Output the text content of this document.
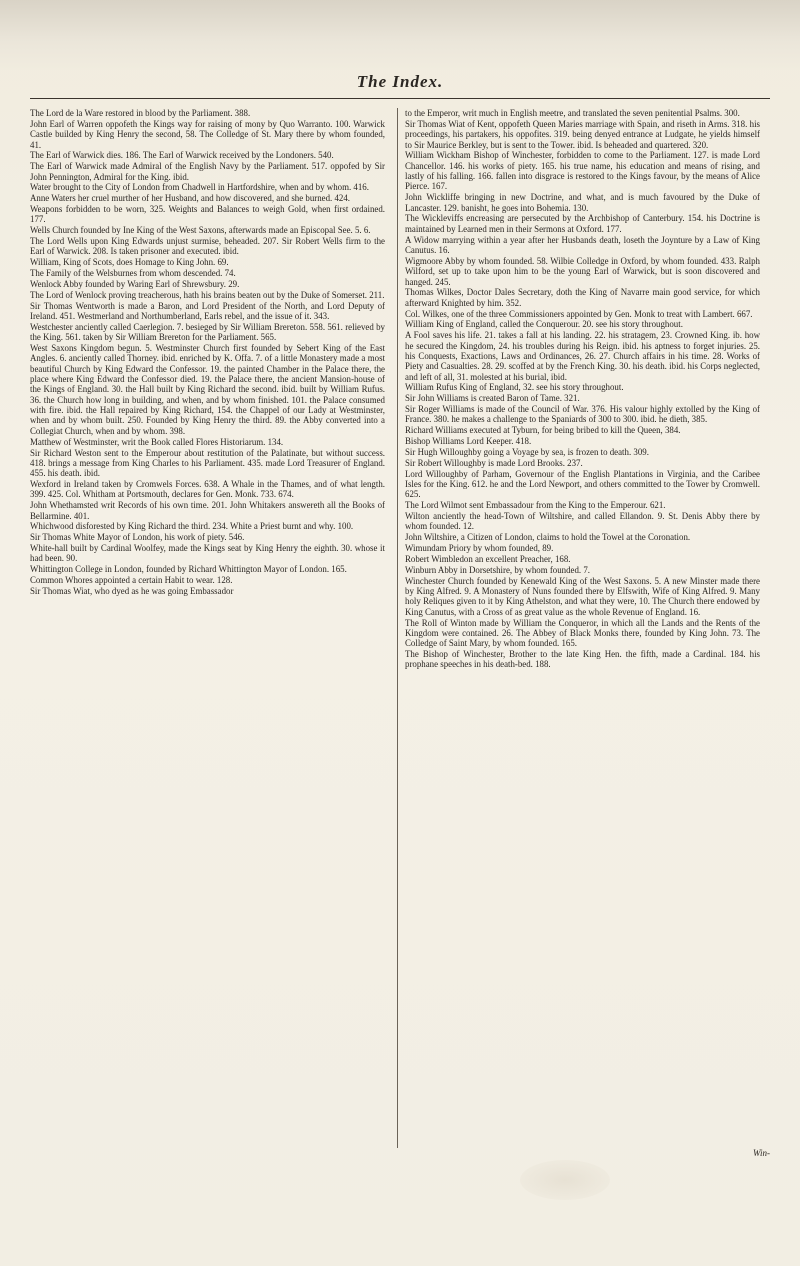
The Index.

The Lord de la Ware restored in blood by the Parliament. 388.

John Earl of Warren oppofeth the Kings way for raising of mony by Quo Warranto. 100. Warwick Castle builded by King Henry the second, 58. The Colledge of St. Mary there by whom founded, 41.

The Earl of Warwick dies. 186. The Earl of Warwick received by the Londoners. 540.

The Earl of Warwick made Admiral of the English Navy by the Parliament. 517. oppofed by Sir John Pennington, Admiral for the King. ibid.

Water brought to the City of London from Chadwell in Hartfordshire, when and by whom. 416.

Anne Waters her cruel murther of her Husband, and how discovered, and she burned. 424.

Weapons forbidden to be worn, 325. Weights and Balances to weigh Gold, when first ordained. 177.

Wells Church founded by Ine King of the West Saxons, afterwards made an Episcopal See. 5. 6.

The Lord Wells upon King Edwards unjust surmise, beheaded. 207. Sir Robert Wells firm to the Earl of Warwick. 208. Is taken prisoner and executed. ibid.

William, King of Scots, does Homage to King John. 69.

The Family of the Welsburnes from whom descended. 74.

Wenlock Abby founded by Waring Earl of Shrewsbury. 29.

The Lord of Wenlock proving treacherous, hath his brains beaten out by the Duke of Somerset. 211.

Sir Thomas Wentworth is made a Baron, and Lord President of the North, and Lord Deputy of Ireland. 451. Westmerland and Northumberland, Earls rebel, and the issue of it. 343.

Westchester anciently called Caerlegion. 7. besieged by Sir William Brereton. 558. 561. relieved by the King. 561. taken by Sir William Brereton for the Parliament. 565.

West Saxons Kingdom begun. 5. Westminster Church first founded by Sebert King of the East Angles. 6. anciently called Thorney. ibid. enriched by K. Offa. 7. of a little Monastery made a most beautiful Church by King Edward the Confessor. 19. the painted Chamber in the Palace there, the place where King Edward the Confessor died. 19. the Palace there, the ancient Mansion-house of the Kings of England. 30. the Hall built by King Richard the second. ibid. built by William Rufus. 36. the Church how long in building, and when, and by whom finished. 101. the Palace consumed with fire. ibid. the Hall repaired by King Richard, 154. the Chappel of our Lady at Westminster, when and by whom built. 250. Founded by King Henry the third. 89. the Abby converted into a Collegiat Church, when and by whom. 398.

Matthew of Westminster, writ the Book called Flores Historiarum. 134.

Sir Richard Weston sent to the Emperour about restitution of the Palatinate, but without success. 418. brings a message from King Charles to his Parliament. 435. made Lord Treasurer of England. 455. his death. ibid.

Wexford in Ireland taken by Cromwels Forces. 638. A Whale in the Thames, and of what length. 399. 425. Col. Whitham at Portsmouth, declares for Gen. Monk. 733. 674.

John Whethamsted writ Records of his own time. 201. John Whitakers answereth all the Books of Bellarmine. 401.

Whichwood disforested by King Richard the third. 234. White a Priest burnt and why. 100.

Sir Thomas White Mayor of London, his work of piety. 546.

White-hall built by Cardinal Woolfey, made the Kings seat by King Henry the eighth. 30. whose it had been. 90.

Whittington College in London, founded by Richard Whittington Mayor of London. 165.

Common Whores appointed a certain Habit to wear. 128.

Sir Thomas Wiat, who dyed as he was going Embassador

to the Emperor, writ much in English meetre, and translated the seven penitential Psalms. 300.

Sir Thomas Wiat of Kent, oppofeth Queen Maries marriage with Spain, and riseth in Arms. 318. his proceedings, his partakers, his oppofites. 319. being denyed entrance at Ludgate, he yields himself to Sir Maurice Berkley, but is sent to the Tower. ibid. Is beheaded and quartered. 320.

William Wickham Bishop of Winchester, forbidden to come to the Parliament. 127. is made Lord Chancellor. 146. his works of piety. 165. his true name, his education and means of rising, and lastly of his falling. 166. fallen into disgrace is restored to the Kings favour, by the means of Alice Pierce. 167.

John Wickliffe bringing in new Doctrine, and what, and is much favoured by the Duke of Lancaster. 129. banisht, he goes into Bohemia. 130.

The Wickleviffs encreasing are persecuted by the Archbishop of Canterbury. 154. his Doctrine is maintained by Learned men in their Sermons at Oxford. 177.

A Widow marrying within a year after her Husbands death, loseth the Joynture by a Law of King Canutus. 16.

Wigmoore Abby by whom founded. 58. Wilbie Colledge in Oxford, by whom founded. 433. Ralph Wilford, set up to take upon him to be the young Earl of Warwick, but is soon discovered and hanged. 245.

Thomas Wilkes, Doctor Dales Secretary, doth the King of Navarre main good service, for which afterward Knighted by him. 352.

Col. Wilkes, one of the three Commissioners appointed by Gen. Monk to treat with Lambert. 667.

William King of England, called the Conquerour. 20. see his story throughout.

A Fool saves his life. 21. takes a fall at his landing. 22. his stratagem, 23. Crowned King. ib. how he secured the Kingdom, 24. his troubles during his Reign. ibid. his aptness to forget injuries. 25. his Conquests, Exactions, Laws and Ordinances, 26. 27. Church affairs in his time. 28. Works of Piety and Casualties. 28. 29. scoffed at by the French King. 30. his death. ibid. his Corps neglected, and left of all, 31. molested at his burial, ibid.

William Rufus King of England, 32. see his story throughout.

Sir John Williams is created Baron of Tame. 321.

Sir Roger Williams is made of the Council of War. 376. His valour highly extolled by the King of France. 380. he makes a challenge to the Spaniards of 300 to 300. ibid. he dieth, 385.

Richard Williams executed at Tyburn, for being bribed to kill the Queen, 384.

Bishop Williams Lord Keeper. 418.

Sir Hugh Willoughby going a Voyage by sea, is frozen to death. 309.

Sir Robert Willoughby is made Lord Brooks. 237.

Lord Willoughby of Parham, Governour of the English Plantations in Virginia, and the Caribee Isles for the King. 612. he and the Lord Newport, and others committed to the Tower by Cromwell. 625.

The Lord Wilmot sent Embassadour from the King to the Emperour. 621.

Wilton anciently the head-Town of Wiltshire, and called Ellandon. 9. St. Denis Abby there by whom founded. 12.

John Wiltshire, a Citizen of London, claims to hold the Towel at the Coronation.

Wimundam Priory by whom founded, 89.

Robert Wimbledon an excellent Preacher, 168.

Winburn Abby in Dorsetshire, by whom founded. 7.

Winchester Church founded by Kenewald King of the West Saxons. 5. A new Minster made there by King Alfred. 9. A Monastery of Nuns founded there by Elfswith, Wife of King Alfred. 9. Many holy Reliques given to it by King Athelston, and what they were, 10. The Church there endowed by King Canutus, with a Cross of as great value as the whole Revenue of England. 16.

The Roll of Winton made by William the Conqueror, in which all the Lands and the Rents of the Kingdom were contained. 26. The Abbey of Black Monks there, founded by King John. 73. The Colledge of Saint Mary, by whom founded. 165.

The Bishop of Winchester, Brother to the late King Hen. the fifth, made a Cardinal. 184. his prophane speeches in his death-bed. 188.

Win-
